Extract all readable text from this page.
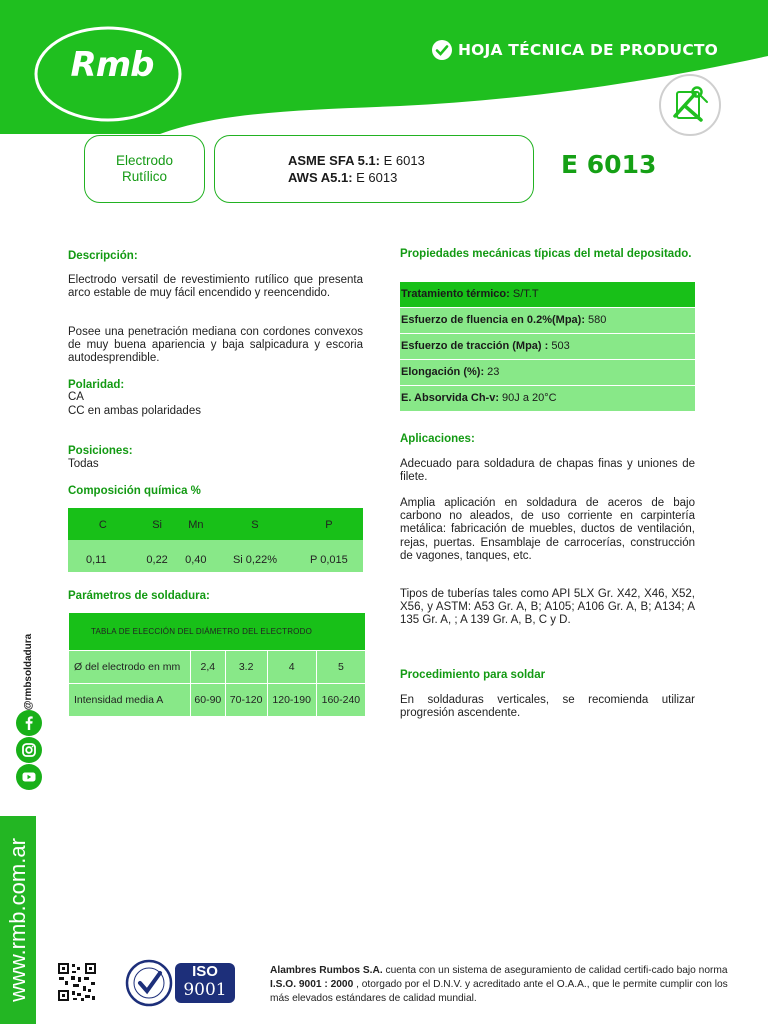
Rmb	HOJA TÉCNICA DE PRODUCTO
Electrodo
Rutílico
ASME SFA 5.1: E 6013
AWS A5.1: E 6013	E 6013
Descripción:
Electrodo versatil de revestimiento rutílico que presenta arco estable de muy fácil encendido y reencendido.
Posee una penetración mediana con cordones convexos de muy buena apariencia y baja salpicadura y escoria autodesprendible.
Polaridad:
CA
CC en ambas polaridades
Posiciones:
Todas
Composición química %
C	Si	Mn	S	P
0,11	0,22	0,40	Si 0,22%	P 0,015
Parámetros de soldadura:
TABLA DE ELECCIÓN DEL DIÁMETRO DEL ELECTRODO				
Ø del electrodo en mm	2,4	3.2	4	5
Intensidad media A	60-90	70-120	120-190	160-240
Propiedades mecánicas típicas del metal depositado.
Tratamiento térmico: S/T.T
Esfuerzo de fluencia en 0.2%(Mpa): 580
Esfuerzo de tracción (Mpa) : 503
Elongación (%): 23
E. Absorvida Ch-v: 90J a 20°C
Aplicaciones:
Adecuado para soldadura de chapas finas y uniones de filete.
Amplia aplicación en soldadura de aceros de bajo carbono no aleados, de uso corriente en carpintería metálica: fabricación de muebles, ductos de ventilación, rejas, puertas. Ensamblaje de carrocerías, construcción de vagones, tanques, etc.
Tipos de tuberías tales como API 5LX Gr. X42, X46, X52, X56, y ASTM: A53 Gr. A, B; A105; A106 Gr. A, B; A134; A 135 Gr. A, ; A 139 Gr. A, B, C y D.
Procedimiento para soldar
En soldaduras verticales, se recomienda utilizar progresión ascendente.
@rmbsoldadura
www.rmb.com.ar	ISO
9001
Alambres Rumbos S.A. cuenta con un sistema de aseguramiento de calidad certifi-cado bajo norma I.S.O. 9001 : 2000 , otorgado por el D.N.V. y acreditado ante el O.A.A., que le permite cumplir con los más elevados estándares de calidad mundial.
